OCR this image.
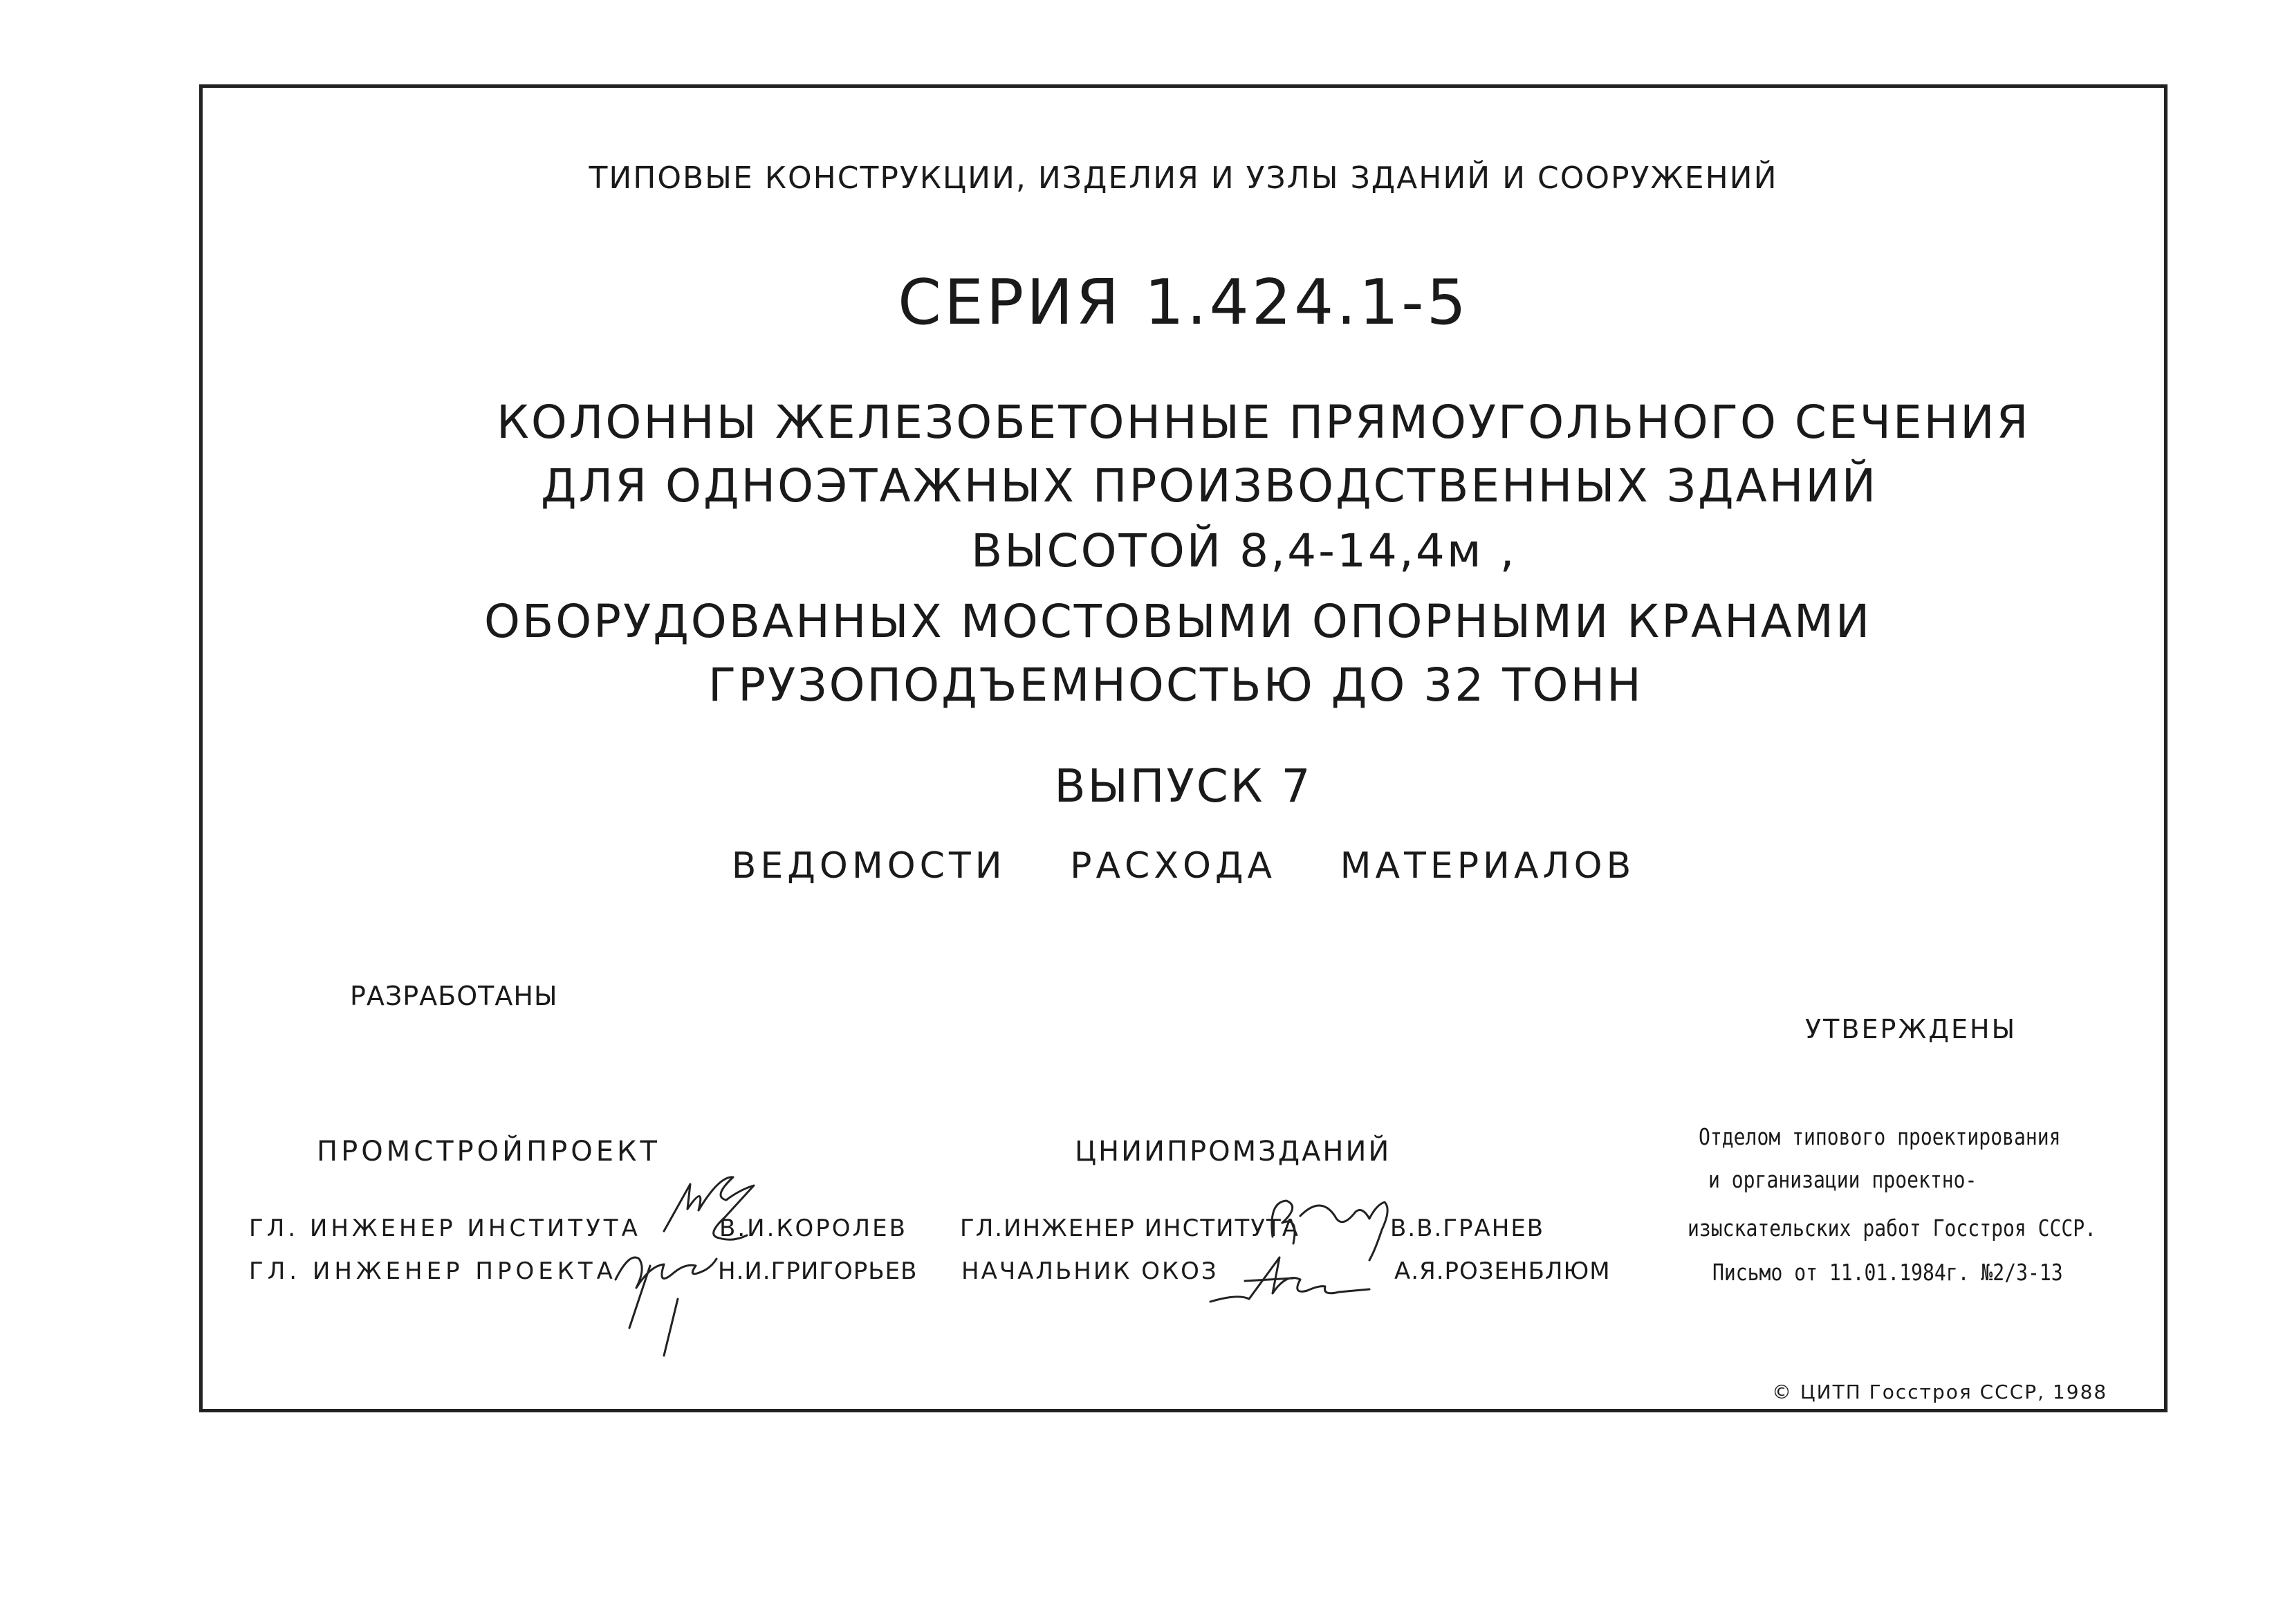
ТИПОВЫЕ КОНСТРУКЦИИ, ИЗДЕЛИЯ И УЗЛЫ ЗДАНИЙ И СООРУЖЕНИЙ
СЕРИЯ 1.424.1-5
КОЛОННЫ ЖЕЛЕЗОБЕТОННЫЕ ПРЯМОУГОЛЬНОГО СЕЧЕНИЯ
ДЛЯ ОДНОЭТАЖНЫХ ПРОИЗВОДСТВЕННЫХ ЗДАНИЙ
ВЫСОТОЙ 8,4-14,4м ,
ОБОРУДОВАННЫХ МОСТОВЫМИ ОПОРНЫМИ КРАНАМИ
ГРУЗОПОДЪЕМНОСТЬЮ ДО 32 ТОНН
ВЫПУСК 7
ВЕДОМОСТИ РАСХОДА МАТЕРИАЛОВ
РАЗРАБОТАНЫ
УТВЕРЖДЕНЫ
ПРОМСТРОЙПРОЕКТ
ГЛ. ИНЖЕНЕР ИНСТИТУТА	В.И.КОРОЛЕВ
ГЛ. ИНЖЕНЕР ПРОЕКТА	Н.И.ГРИГОРЬЕВ
ЦНИИПРОМЗДАНИЙ
ГЛ.ИНЖЕНЕР ИНСТИТУТА	В.В.ГРАНЕВ
НАЧАЛЬНИК ОКОЗ	А.Я.РОЗЕНБЛЮМ
Отделом типового проектирования
и организации проектно-
изыскательских работ Госстроя СССР.
Письмо от 11.01.1984г. №2/3-13
© ЦИТП Госстроя СССР, 1988
